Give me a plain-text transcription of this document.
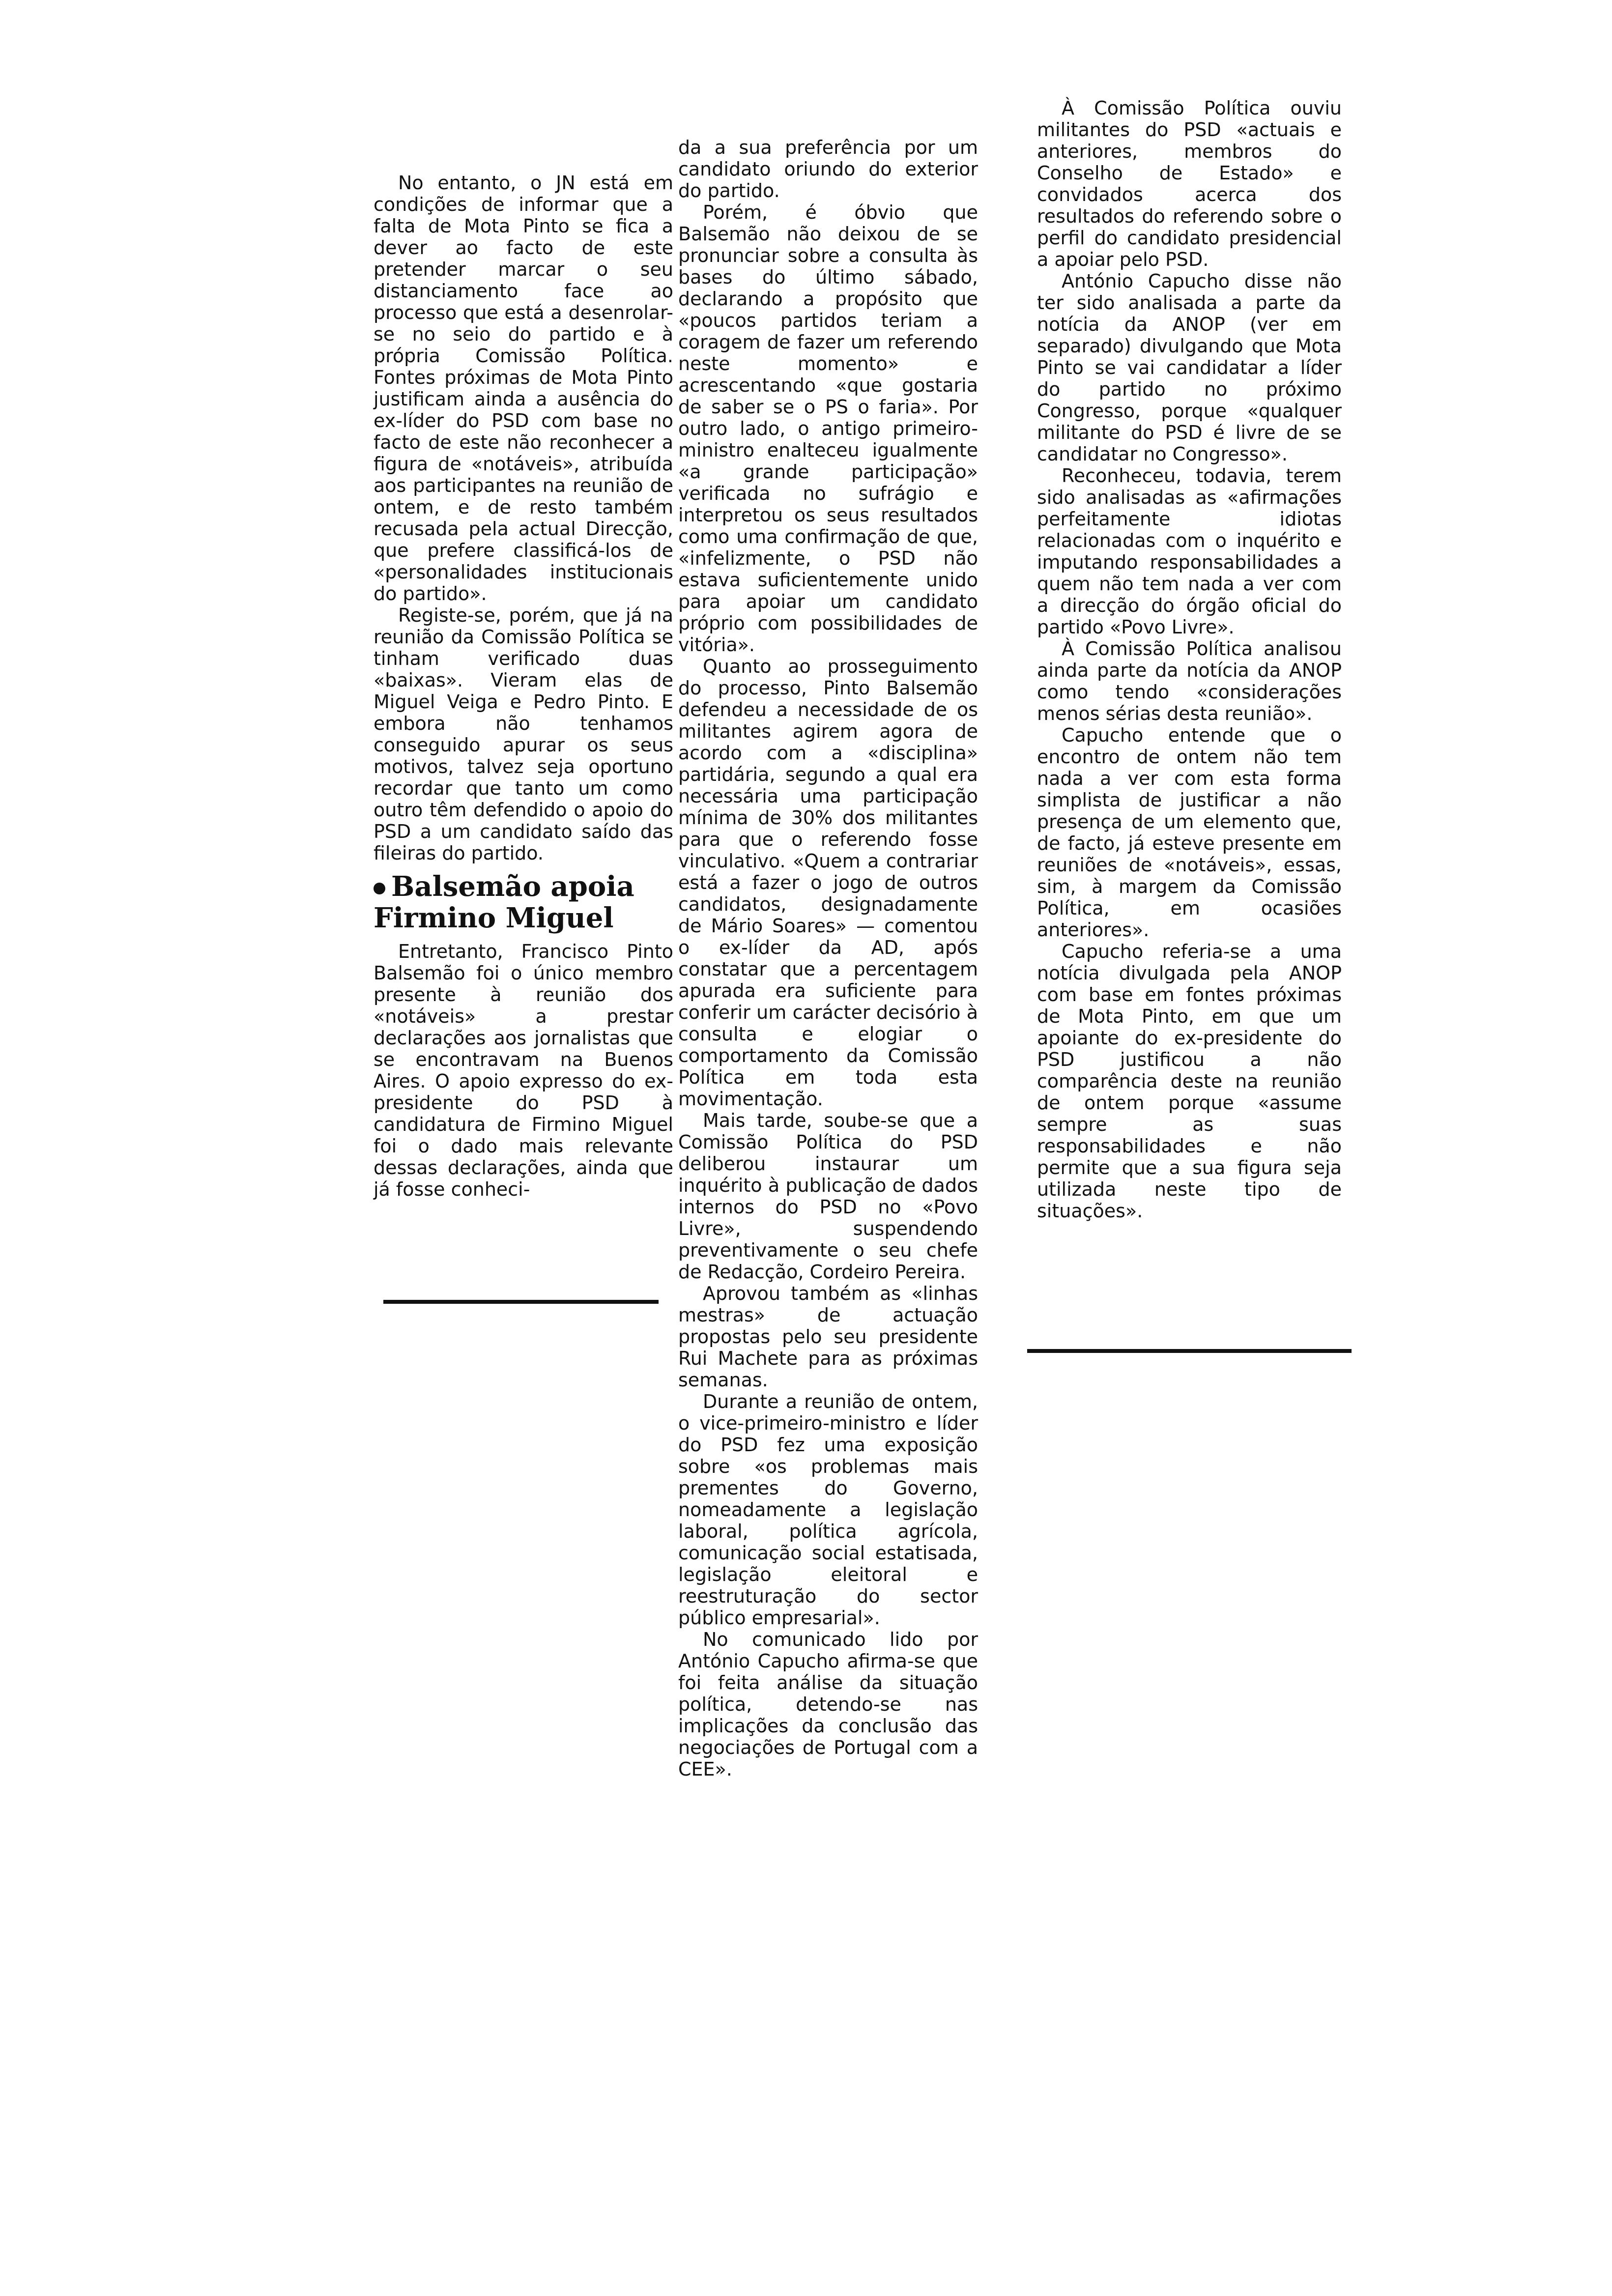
No entanto, o JN está em condições de informar que a falta de Mota Pinto se fica a dever ao facto de este pretender marcar o seu distanciamento face ao processo que está a desenrolar-se no seio do partido e à própria Comissão Política. Fontes próximas de Mota Pinto justificam ainda a ausência do ex-líder do PSD com base no facto de este não reconhecer a figura de «notáveis», atribuída aos participantes na reunião de ontem, e de resto também recusada pela actual Direcção, que prefere classificá-los de «personalidades institucionais do partido».

Registe-se, porém, que já na reunião da Comissão Política se tinham verificado duas «baixas». Vieram elas de Miguel Veiga e Pedro Pinto. E embora não tenhamos conseguido apurar os seus motivos, talvez seja oportuno recordar que tanto um como outro têm defendido o apoio do PSD a um candidato saído das fileiras do partido.

Balsemão apoia Firmino Miguel

Entretanto, Francisco Pinto Balsemão foi o único membro presente à reunião dos «notáveis» a prestar declarações aos jornalistas que se encontravam na Buenos Aires. O apoio expresso do ex-presidente do PSD à candidatura de Firmino Miguel foi o dado mais relevante dessas declarações, ainda que já fosse conheci-

da a sua preferência por um candidato oriundo do exterior do partido.

Porém, é óbvio que Balsemão não deixou de se pronunciar sobre a consulta às bases do último sábado, declarando a propósito que «poucos partidos teriam a coragem de fazer um referendo neste momento» e acrescentando «que gostaria de saber se o PS o faria». Por outro lado, o antigo primeiro-ministro enalteceu igualmente «a grande participação» verificada no sufrágio e interpretou os seus resultados como uma confirmação de que, «infelizmente, o PSD não estava suficientemente unido para apoiar um candidato próprio com possibilidades de vitória».

Quanto ao prosseguimento do processo, Pinto Balsemão defendeu a necessidade de os militantes agirem agora de acordo com a «disciplina» partidária, segundo a qual era necessária uma participação mínima de 30% dos militantes para que o referendo fosse vinculativo. «Quem a contrariar está a fazer o jogo de outros candidatos, designadamente de Mário Soares» — comentou o ex-líder da AD, após constatar que a percentagem apurada era suficiente para conferir um carácter decisório à consulta e elogiar o comportamento da Comissão Política em toda esta movimentação.

Mais tarde, soube-se que a Comissão Política do PSD deliberou instaurar um inquérito à publicação de dados internos do PSD no «Povo Livre», suspendendo preventivamente o seu chefe de Redacção, Cordeiro Pereira.

Aprovou também as «linhas mestras» de actuação propostas pelo seu presidente Rui Machete para as próximas semanas.

Durante a reunião de ontem, o vice-primeiro-ministro e líder do PSD fez uma exposição sobre «os problemas mais prementes do Governo, nomeadamente a legislação laboral, política agrícola, comunicação social estatisada, legislação eleitoral e reestruturação do sector público empresarial».

No comunicado lido por António Capucho afirma-se que foi feita análise da situação política, detendo-se nas implicações da conclusão das negociações de Portugal com a CEE».

À Comissão Política ouviu militantes do PSD «actuais e anteriores, membros do Conselho de Estado» e convidados acerca dos resultados do referendo sobre o perfil do candidato presidencial a apoiar pelo PSD.

António Capucho disse não ter sido analisada a parte da notícia da ANOP (ver em separado) divulgando que Mota Pinto se vai candidatar a líder do partido no próximo Congresso, porque «qualquer militante do PSD é livre de se candidatar no Congresso».

Reconheceu, todavia, terem sido analisadas as «afirmações perfeitamente idiotas relacionadas com o inquérito e imputando responsabilidades a quem não tem nada a ver com a direcção do órgão oficial do partido «Povo Livre».

À Comissão Política analisou ainda parte da notícia da ANOP como tendo «considerações menos sérias desta reunião».

Capucho entende que o encontro de ontem não tem nada a ver com esta forma simplista de justificar a não presença de um elemento que, de facto, já esteve presente em reuniões de «notáveis», essas, sim, à margem da Comissão Política, em ocasiões anteriores».

Capucho referia-se a uma notícia divulgada pela ANOP com base em fontes próximas de Mota Pinto, em que um apoiante do ex-presidente do PSD justificou a não comparência deste na reunião de ontem porque «assume sempre as suas responsabilidades e não permite que a sua figura seja utilizada neste tipo de situações».
